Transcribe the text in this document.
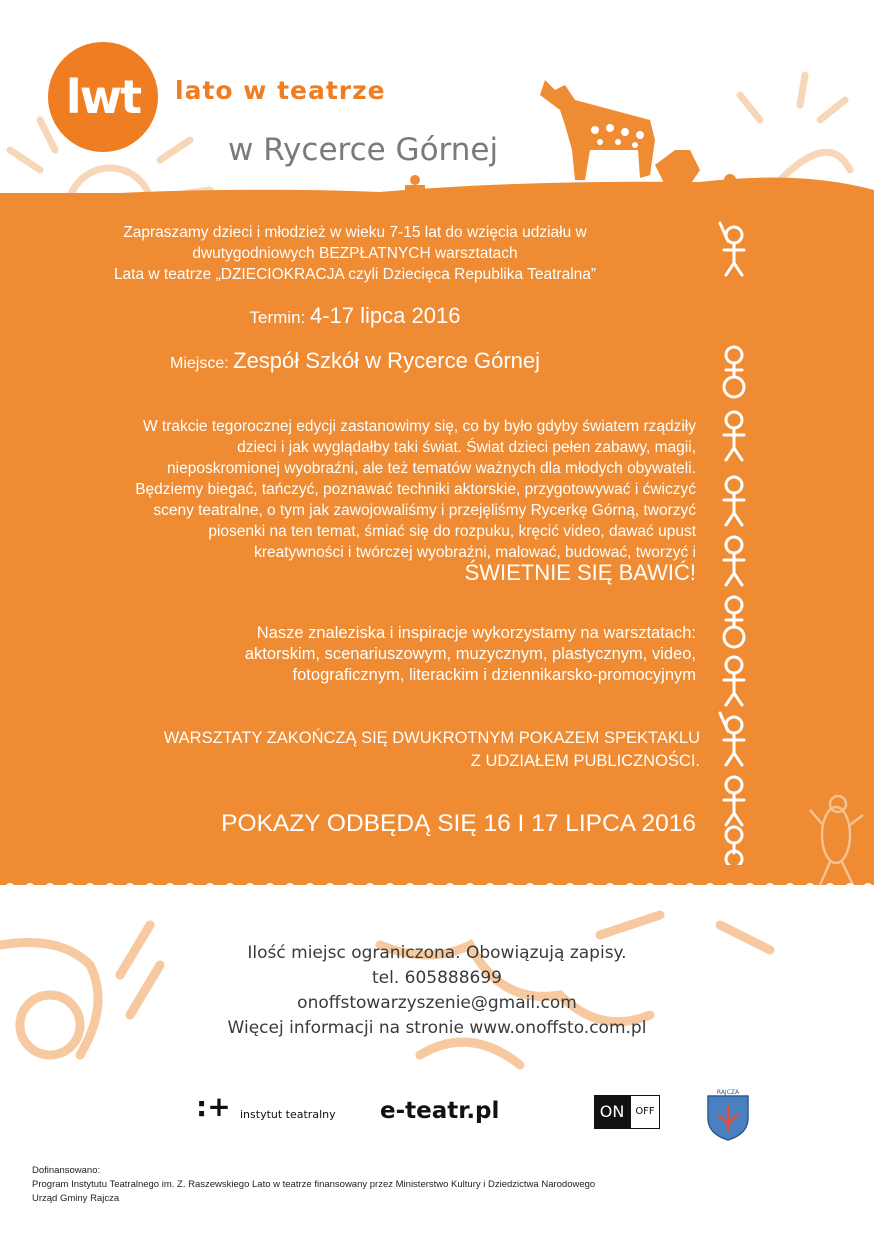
lwt	lato w teatrze
w Rycerce Górnej
Zapraszamy dzieci i młodzież w wieku 7-15 lat do wzięcia udziału w
dwutygodniowych BEZPŁATNYCH warsztatach
Lata w teatrze „DZIECIOKRACJA czyli Dziecięca Republika Teatralna”
Termin: 4-17 lipca 2016
Miejsce: Zespół Szkół w Rycerce Górnej
W trakcie tegorocznej edycji zastanowimy się, co by było gdyby światem rządziły
dzieci i jak wyglądałby taki świat. Świat dzieci pełen zabawy, magii,
nieposkromionej wyobraźni, ale też tematów ważnych dla młodych obywateli.
Będziemy biegać, tańczyć, poznawać techniki aktorskie, przygotowywać i ćwiczyć
sceny teatralne, o tym jak zawojowaliśmy i przejęliśmy Rycerkę Górną, tworzyć
piosenki na ten temat, śmiać się do rozpuku, kręcić video, dawać upust
kreatywności i twórczej wyobraźni, malować, budować, tworzyć i
ŚWIETNIE SIĘ BAWIĆ!
Nasze znaleziska i inspiracje wykorzystamy na warsztatach:
aktorskim, scenariuszowym, muzycznym, plastycznym, video,
fotograficznym, literackim i dziennikarsko-promocyjnym
WARSZTATY ZAKOŃCZĄ SIĘ DWUKROTNYM POKAZEM SPEKTAKLU
Z UDZIAŁEM PUBLICZNOŚCI.
POKAZY ODBĘDĄ SIĘ 16 I 17 LIPCA 2016
Ilość miejsc ograniczona. Obowiązują zapisy.
tel. 605888699
onoffstowarzyszenie@gmail.com
Więcej informacji na stronie www.onoffsto.com.pl
:+ instytut teatralny e-teatr.pl	ON	OFF
RAJCZA
Dofinansowano:
Program Instytutu Teatralnego im. Z. Raszewskiego Lato w teatrze finansowany przez Ministerstwo Kultury i Dziedzictwa Narodowego
Urząd Gminy Rajcza
